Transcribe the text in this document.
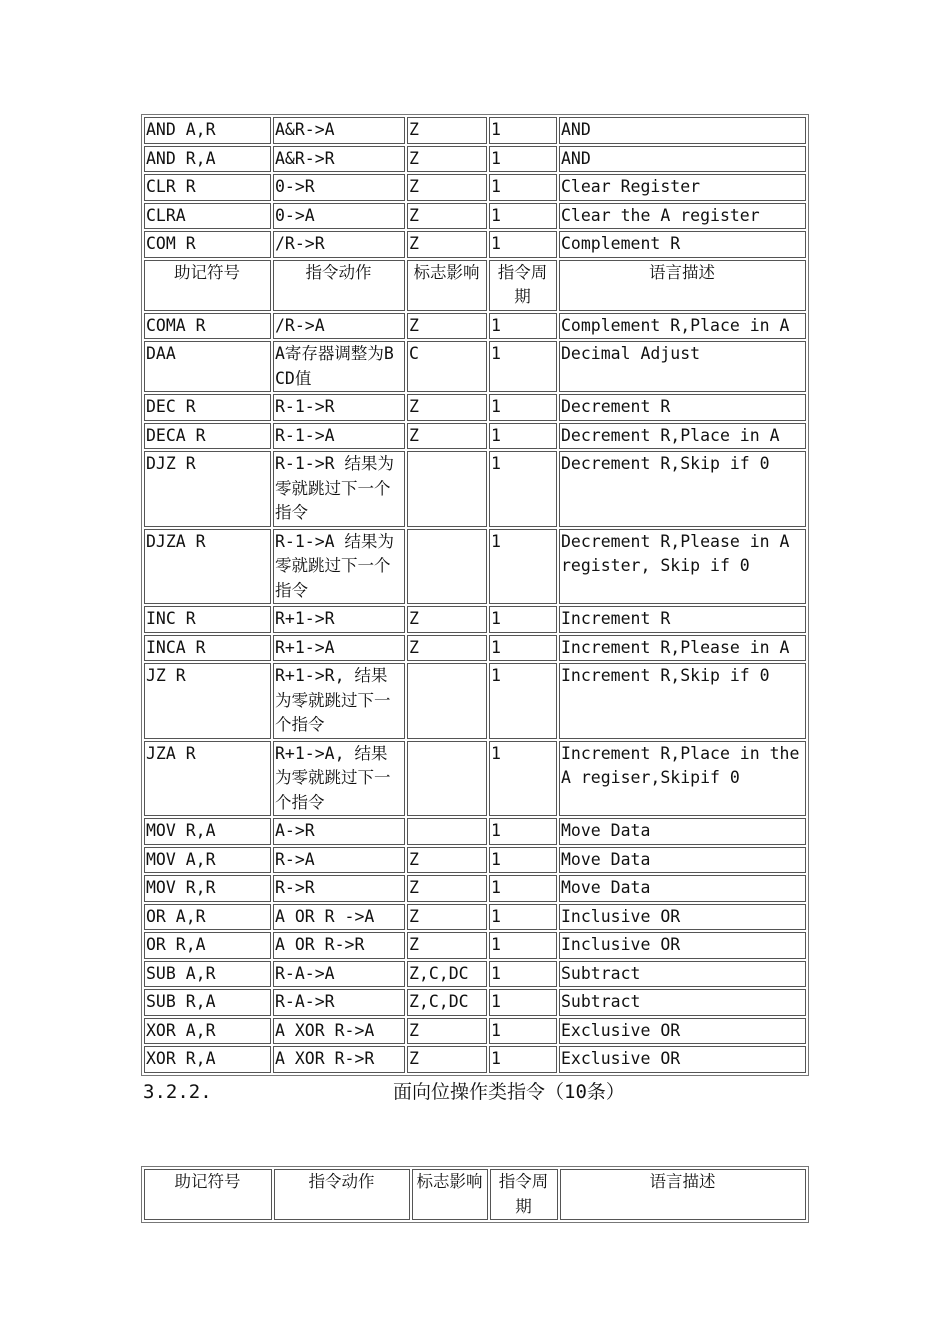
AND A,R	A&R->A	Z	1	AND
AND R,A	A&R->R	Z	1	AND
CLR R	0->R	Z	1	Clear Register
CLRA	0->A	Z	1	Clear the A register
COM R	/R->R	Z	1	Complement R
助记符号	指令动作	标志影响	指令周期	语言描述
COMA R	/R->A	Z	1	Complement R,Place in A
DAA	A寄存器调整为BCD值	C	1	Decimal Adjust
DEC R	R-1->R	Z	1	Decrement R
DECA R	R-1->A	Z	1	Decrement R,Place in A
DJZ R	R-1->R 结果为零就跳过下一个指令		1	Decrement R,Skip if 0
DJZA R	R-1->A 结果为零就跳过下一个指令		1	Decrement R,Please in A register, Skip if 0
INC R	R+1->R	Z	1	Increment R
INCA R	R+1->A	Z	1	Increment R,Please in A
JZ R	R+1->R, 结果为零就跳过下一个指令		1	Increment R,Skip if 0
JZA R	R+1->A, 结果为零就跳过下一个指令		1	Increment R,Place in the A regiser,Skipif 0
MOV R,A	A->R		1	Move Data
MOV A,R	R->A	Z	1	Move Data
MOV R,R	R->R	Z	1	Move Data
OR A,R	A OR R ->A	Z	1	Inclusive OR
OR R,A	A OR R->R	Z	1	Inclusive OR
SUB A,R	R-A->A	Z,C,DC	1	Subtract
SUB R,A	R-A->R	Z,C,DC	1	Subtract
XOR A,R	A XOR R->A	Z	1	Exclusive OR
XOR R,A	A XOR R->R	Z	1	Exclusive OR
3.2.2.	面向位操作类指令（10条）
助记符号	指令动作	标志影响	指令周期	语言描述
